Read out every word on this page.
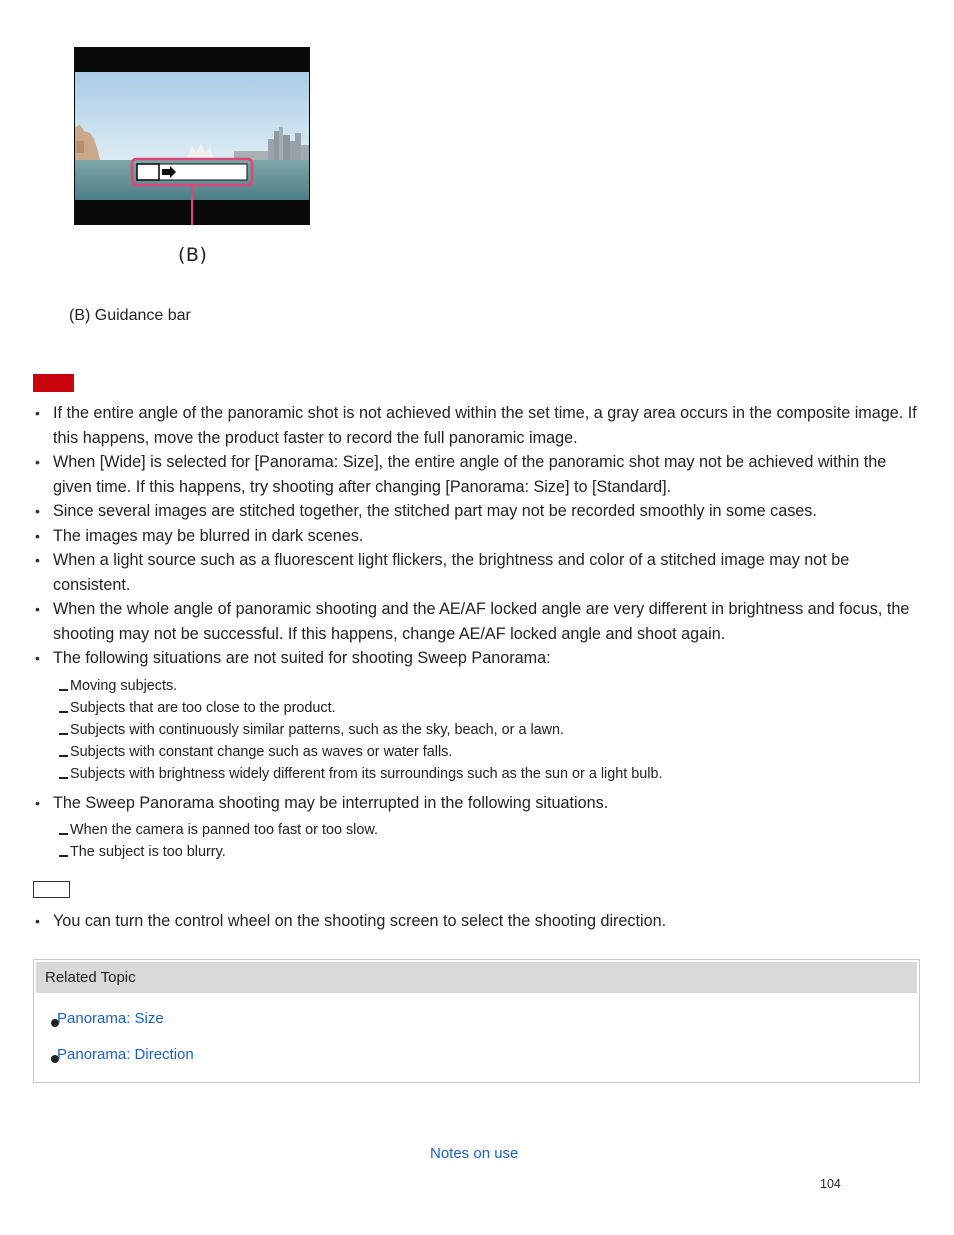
(B)
(B) Guidance bar
• If the entire angle of the panoramic shot is not achieved within the set time, a gray area occurs in the composite image. If this happens, move the product faster to record the full panoramic image.
• When [Wide] is selected for [Panorama: Size], the entire angle of the panoramic shot may not be achieved within the given time. If this happens, try shooting after changing [Panorama: Size] to [Standard].
• Since several images are stitched together, the stitched part may not be recorded smoothly in some cases.
• The images may be blurred in dark scenes.
• When a light source such as a fluorescent light flickers, the brightness and color of a stitched image may not be consistent.
• When the whole angle of panoramic shooting and the AE/AF locked angle are very different in brightness and focus, the shooting may not be successful. If this happens, change AE/AF locked angle and shoot again.
• The following situations are not suited for shooting Sweep Panorama:
Moving subjects.
Subjects that are too close to the product.
Subjects with continuously similar patterns, such as the sky, beach, or a lawn.
Subjects with constant change such as waves or water falls.
Subjects with brightness widely different from its surroundings such as the sun or a light bulb.
• The Sweep Panorama shooting may be interrupted in the following situations.
When the camera is panned too fast or too slow.
The subject is too blurry.
• You can turn the control wheel on the shooting screen to select the shooting direction.
Related Topic
Panorama: Size
Panorama: Direction
Notes on use
104
